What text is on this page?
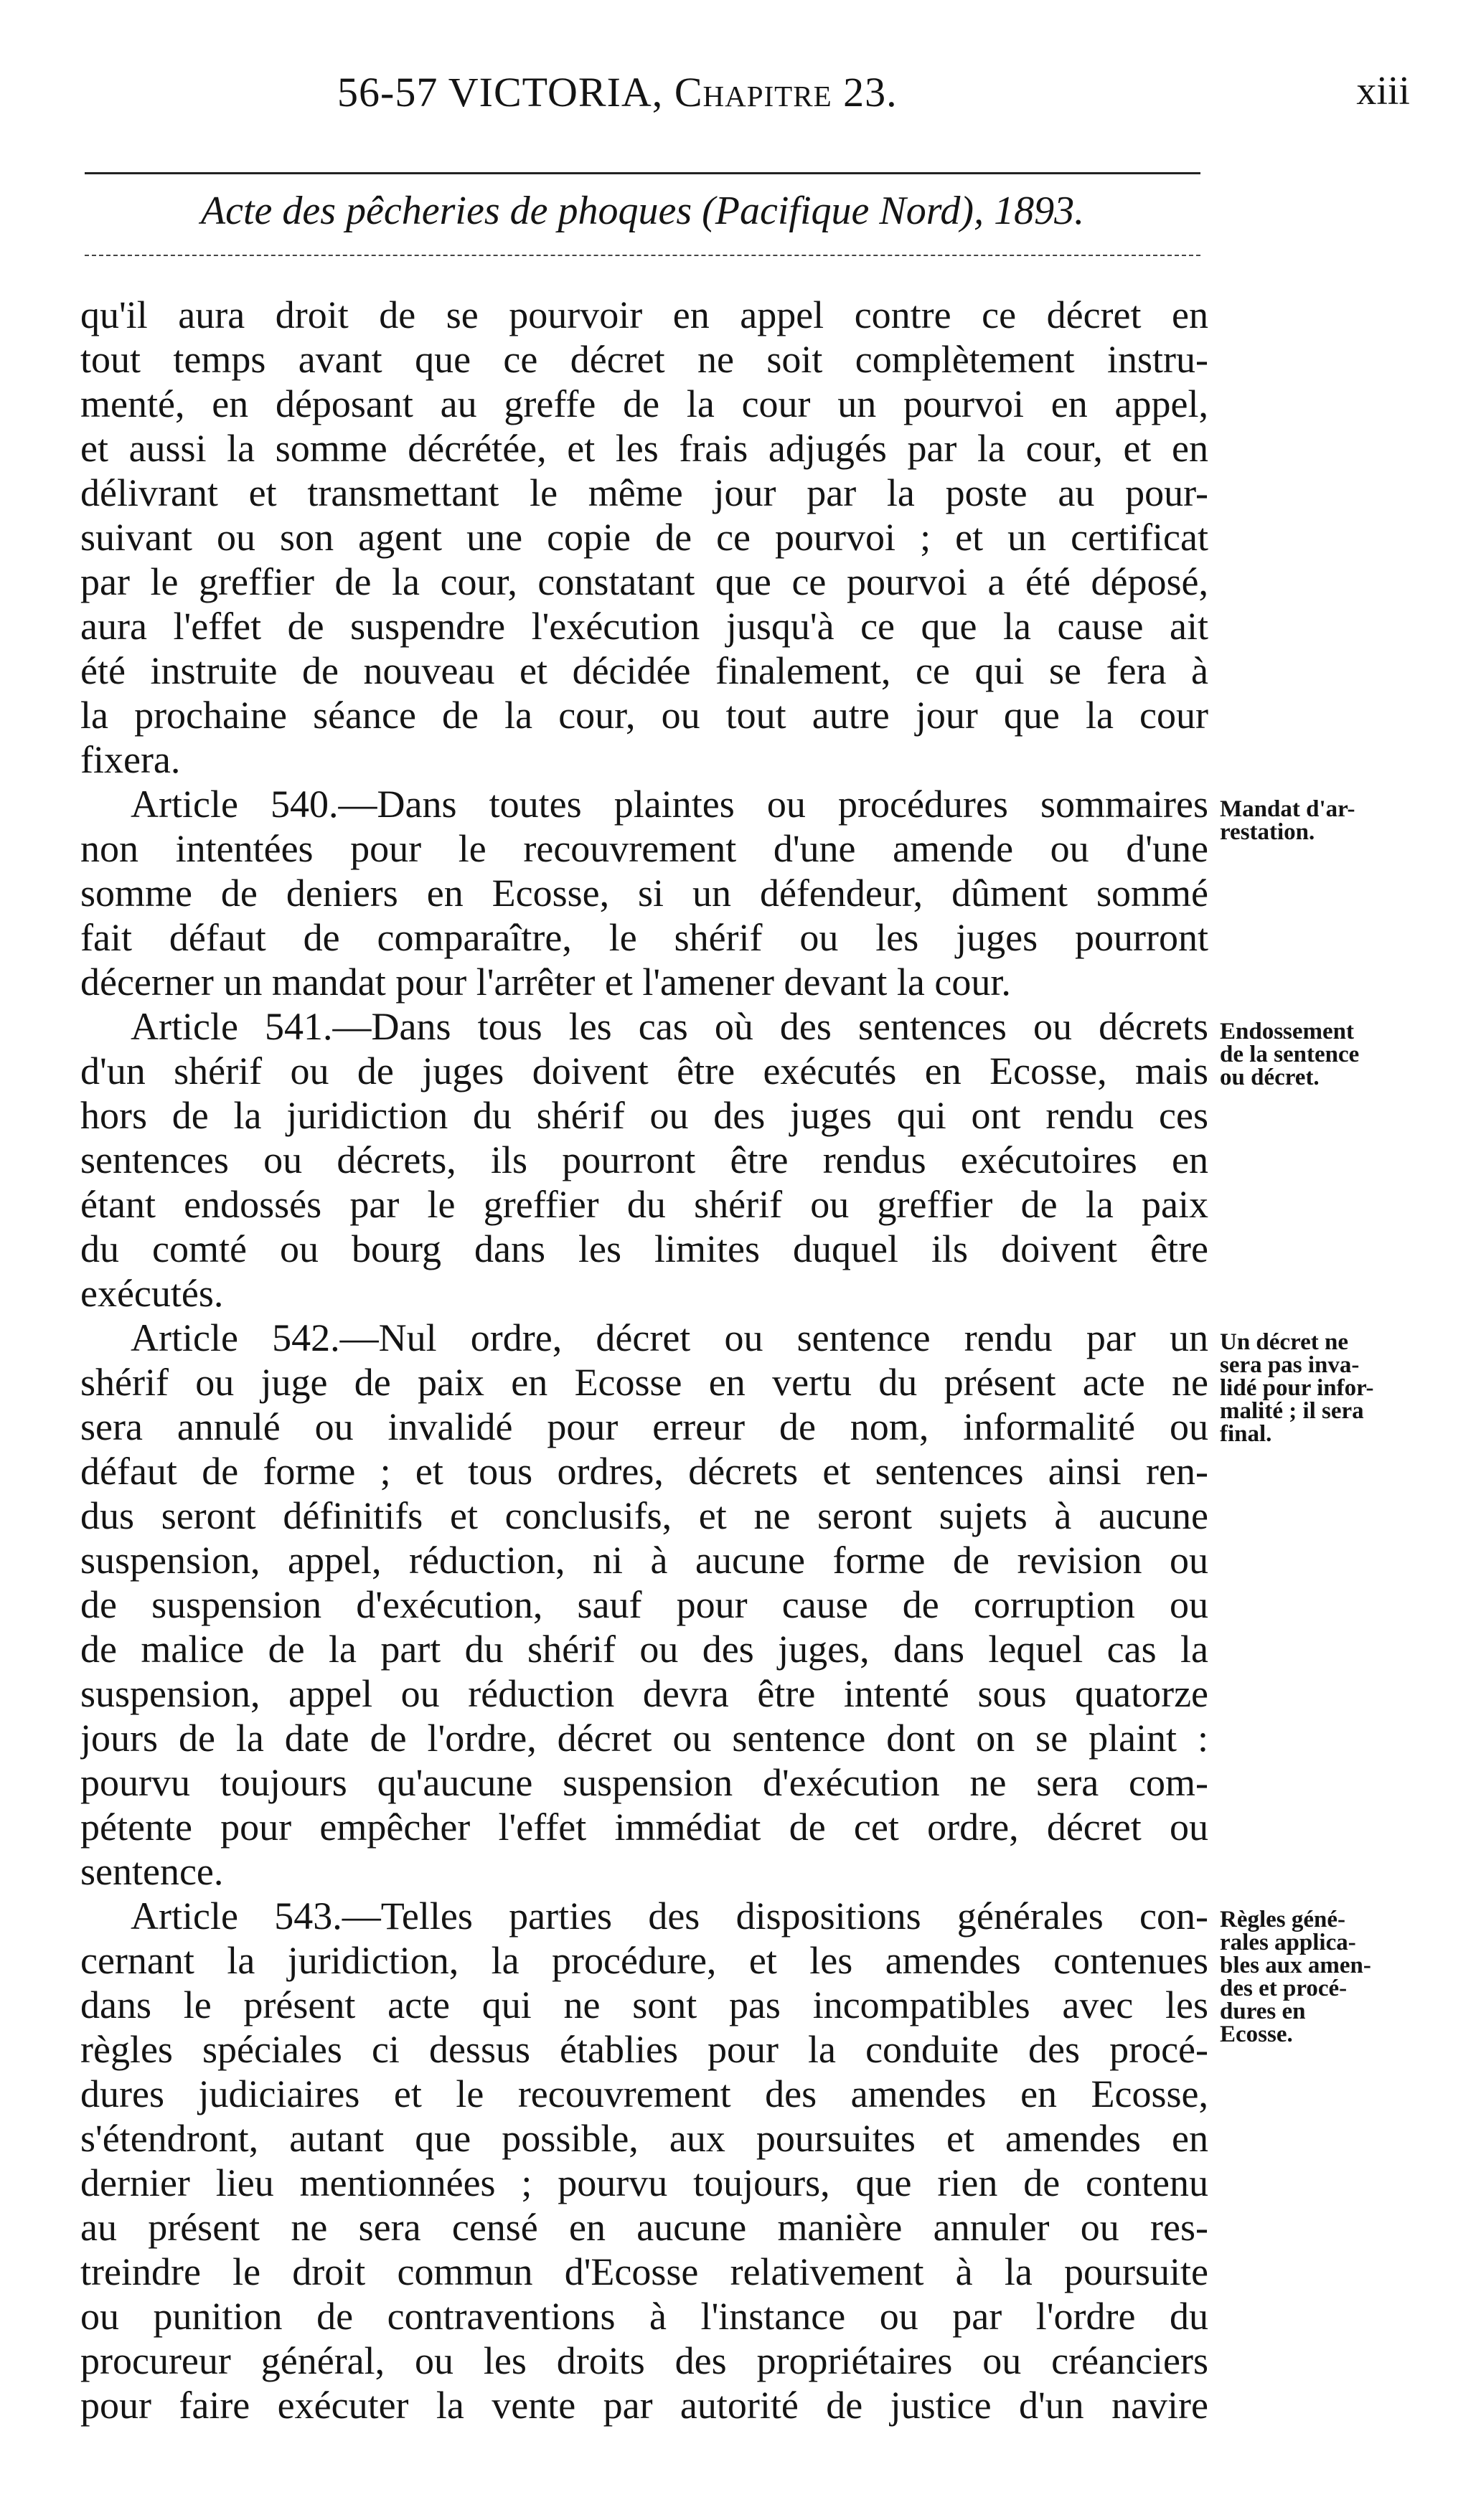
56-57 VICTORIA, Chapitre 23.	xiii
Acte des pêcheries de phoques (Pacifique Nord), 1893.
qu'il aura droit de se pourvoir en appel contre ce décret en
tout temps avant que ce décret ne soit complètement instru-
menté, en déposant au greffe de la cour un pourvoi en appel,
et aussi la somme décrétée, et les frais adjugés par la cour, et en
délivrant et transmettant le même jour par la poste au pour-
suivant ou son agent une copie de ce pourvoi ; et un certificat
par le greffier de la cour, constatant que ce pourvoi a été déposé,
aura l'effet de suspendre l'exécution jusqu'à ce que la cause ait
été instruite de nouveau et décidée finalement, ce qui se fera à
la prochaine séance de la cour, ou tout autre jour que la cour
fixera.
Article 540.—Dans toutes plaintes ou procédures sommaires
non intentées pour le recouvrement d'une amende ou d'une
somme de deniers en Ecosse, si un défendeur, dûment sommé
fait défaut de comparaître, le shérif ou les juges pourront
décerner un mandat pour l'arrêter et l'amener devant la cour.
Article 541.—Dans tous les cas où des sentences ou décrets
d'un shérif ou de juges doivent être exécutés en Ecosse, mais
hors de la juridiction du shérif ou des juges qui ont rendu ces
sentences ou décrets, ils pourront être rendus exécutoires en
étant endossés par le greffier du shérif ou greffier de la paix
du comté ou bourg dans les limites duquel ils doivent être
exécutés.
Article 542.—Nul ordre, décret ou sentence rendu par un
shérif ou juge de paix en Ecosse en vertu du présent acte ne
sera annulé ou invalidé pour erreur de nom, informalité ou
défaut de forme ; et tous ordres, décrets et sentences ainsi ren-
dus seront définitifs et conclusifs, et ne seront sujets à aucune
suspension, appel, réduction, ni à aucune forme de revision ou
de suspension d'exécution, sauf pour cause de corruption ou
de malice de la part du shérif ou des juges, dans lequel cas la
suspension, appel ou réduction devra être intenté sous quatorze
jours de la date de l'ordre, décret ou sentence dont on se plaint :
pourvu toujours qu'aucune suspension d'exécution ne sera com-
pétente pour empêcher l'effet immédiat de cet ordre, décret ou
sentence.
Article 543.—Telles parties des dispositions générales con-
cernant la juridiction, la procédure, et les amendes contenues
dans le présent acte qui ne sont pas incompatibles avec les
règles spéciales ci dessus établies pour la conduite des procé-
dures judiciaires et le recouvrement des amendes en Ecosse,
s'étendront, autant que possible, aux poursuites et amendes en
dernier lieu mentionnées ; pourvu toujours, que rien de contenu
au présent ne sera censé en aucune manière annuler ou res-
treindre le droit commun d'Ecosse relativement à la poursuite
ou punition de contraventions à l'instance ou par l'ordre du
procureur général, ou les droits des propriétaires ou créanciers
pour faire exécuter la vente par autorité de justice d'un navire
Mandat d'ar-
restation.
Endossement
de la sentence
ou décret.
Un décret ne
sera pas inva-
lidé pour infor-
malité ; il sera
final.
Règles géné-
rales applica-
bles aux amen-
des et procé-
dures en
Ecosse.
